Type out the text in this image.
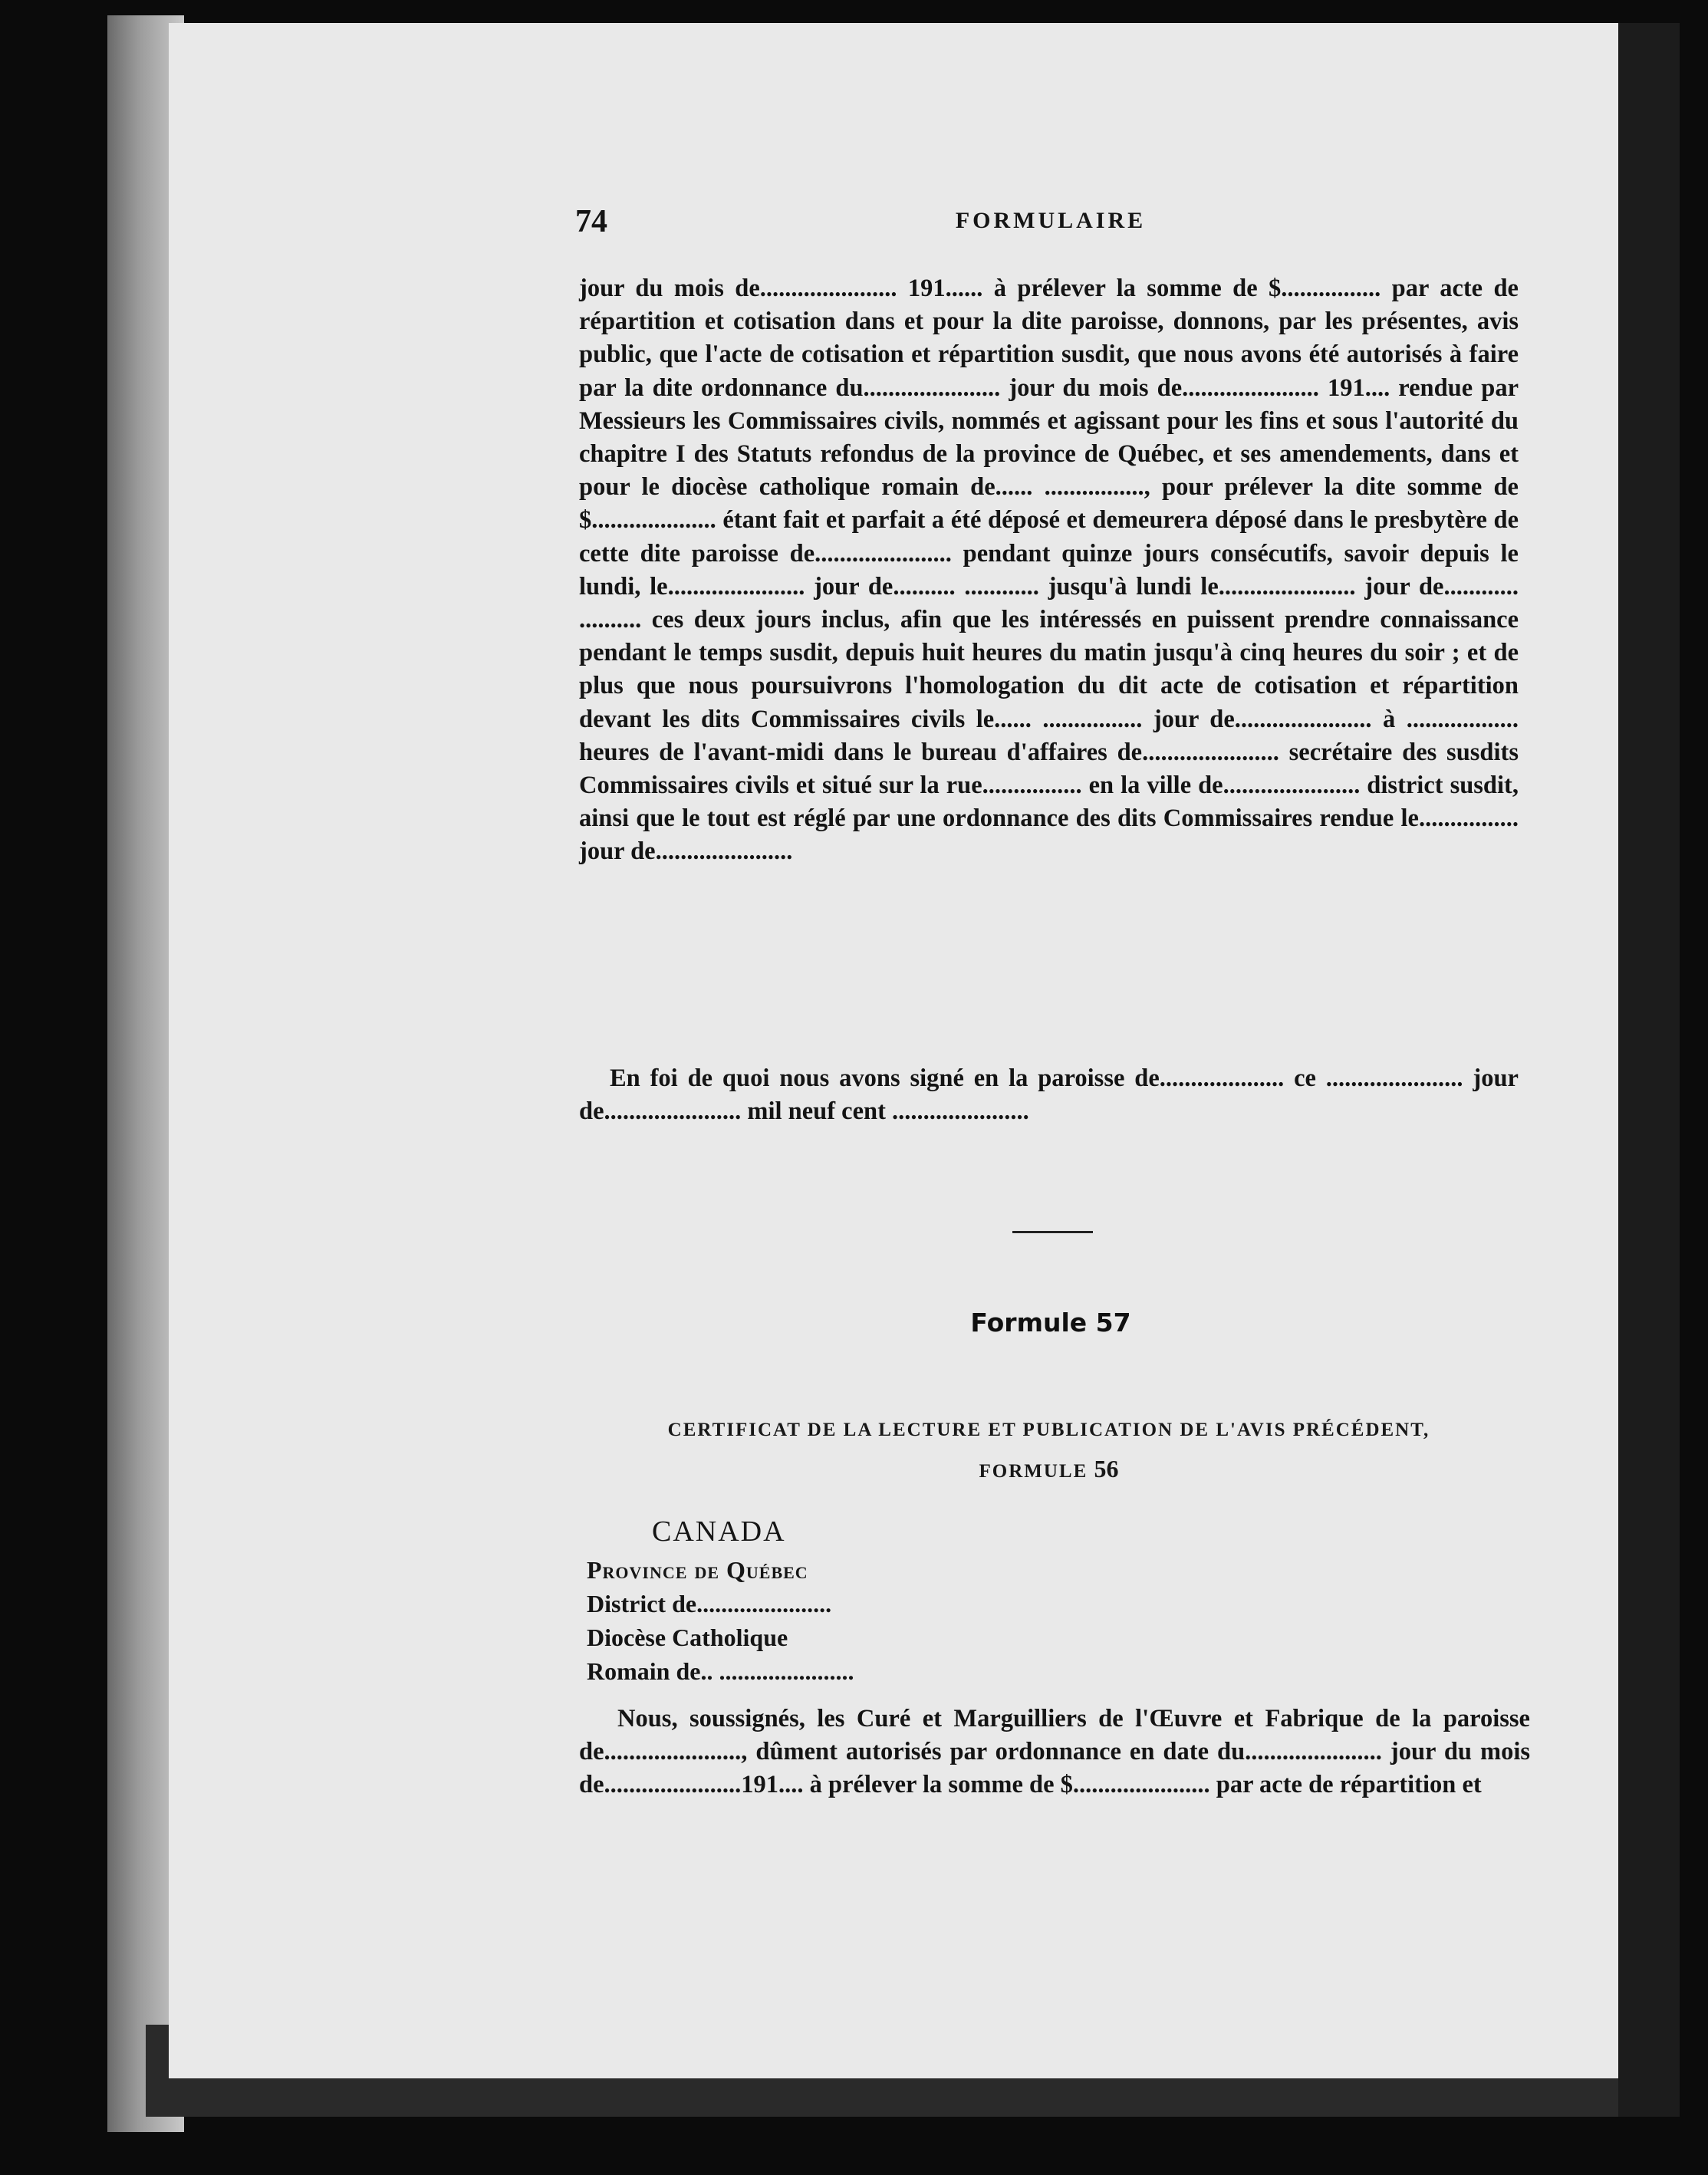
74	FORMULAIRE

jour du mois de...................... 191...... à prélever la somme de $................ par acte de répartition et cotisation dans et pour la dite paroisse, donnons, par les présentes, avis public, que l'acte de cotisation et répartition susdit, que nous avons été autorisés à faire par la dite ordonnance du...................... jour du mois de...................... 191.... rendue par Messieurs les Commissaires civils, nommés et agissant pour les fins et sous l'autorité du chapitre I des Statuts refondus de la province de Québec, et ses amendements, dans et pour le diocèse catholique romain de...... ................, pour prélever la dite somme de $.................... étant fait et parfait a été déposé et demeurera déposé dans le presbytère de cette dite paroisse de...................... pendant quinze jours consécutifs, savoir depuis le lundi, le...................... jour de.......... ............ jusqu'à lundi le...................... jour de............ .......... ces deux jours inclus, afin que les intéressés en puissent prendre connaissance pendant le temps susdit, depuis huit heures du matin jusqu'à cinq heures du soir ; et de plus que nous poursuivrons l'homologation du dit acte de cotisation et répartition devant les dits Commissaires civils le...... ................ jour de...................... à .................. heures de l'avant-midi dans le bureau d'affaires de...................... secrétaire des susdits Commissaires civils et situé sur la rue................ en la ville de...................... district susdit, ainsi que le tout est réglé par une ordonnance des dits Commissaires rendue le................ jour de......................

En foi de quoi nous avons signé en la paroisse de.................... ce ...................... jour de...................... mil neuf cent ......................

Formule 57
CERTIFICAT DE LA LECTURE ET PUBLICATION DE L'AVIS PRÉCÉDENT,
FORMULE 56
CANADA
Province de Québec
District de......................
Diocèse Catholique
Romain de.. ......................

Nous, soussignés, les Curé et Marguilliers de l'Œuvre et Fabrique de la paroisse de......................, dûment autorisés par ordonnance en date du...................... jour du mois de......................191.... à prélever la somme de $...................... par acte de répartition et
